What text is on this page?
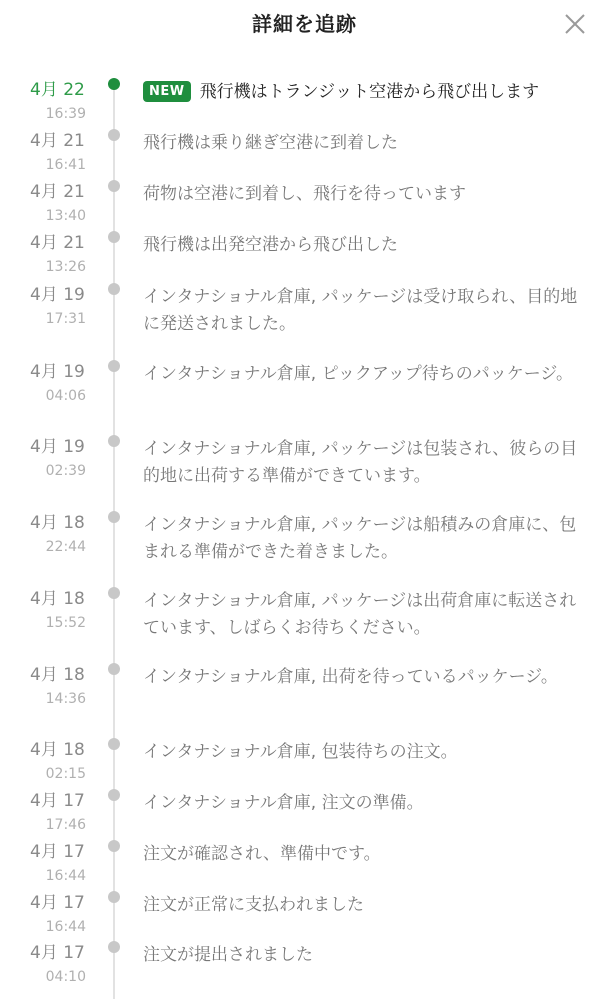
詳細を追跡
4月 22
16:39
NEW 飛行機はトランジット空港から飛び出します
4月 21
16:41
飛行機は乗り継ぎ空港に到着した
4月 21
13:40
荷物は空港に到着し、飛行を待っています
4月 21
13:26
飛行機は出発空港から飛び出した
4月 19
17:31
インタナショナル倉庫, パッケージは受け取られ、目的地に発送されました。
4月 19
04:06
インタナショナル倉庫, ピックアップ待ちのパッケージ。
4月 19
02:39
インタナショナル倉庫, パッケージは包装され、彼らの目的地に出荷する準備ができています。
4月 18
22:44
インタナショナル倉庫, パッケージは船積みの倉庫に、包まれる準備ができた着きました。
4月 18
15:52
インタナショナル倉庫, パッケージは出荷倉庫に転送されています、しばらくお待ちください。
4月 18
14:36
インタナショナル倉庫, 出荷を待っているパッケージ。
4月 18
02:15
インタナショナル倉庫, 包装待ちの注文。
4月 17
17:46
インタナショナル倉庫, 注文の準備。
4月 17
16:44
注文が確認され、準備中です。
4月 17
16:44
注文が正常に支払われました
4月 17
04:10
注文が提出されました
